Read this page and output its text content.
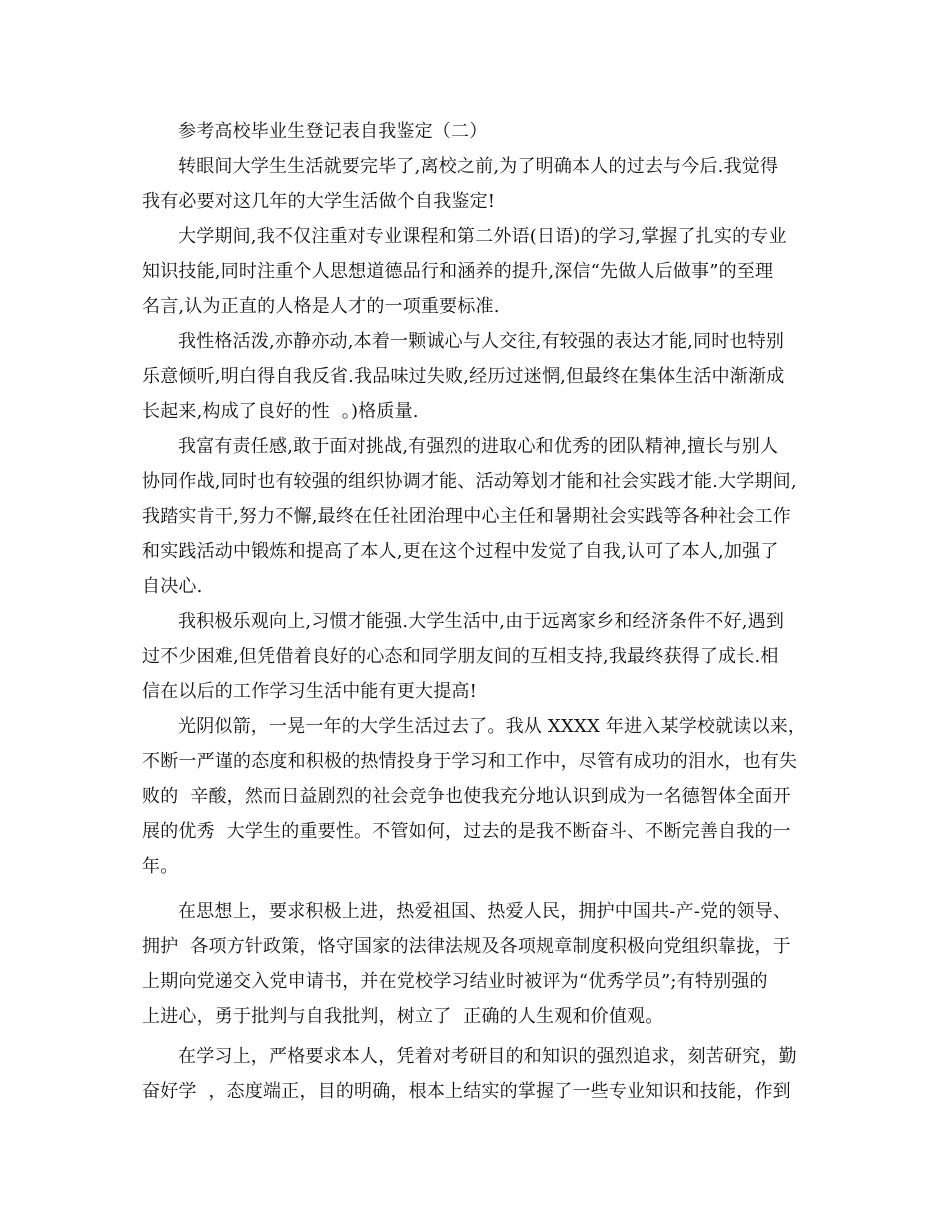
参考高校毕业生登记表自我鉴定（二）
转眼间大学生生活就要完毕了,离校之前,为了明确本人的过去与今后.我觉得
我有必要对这几年的大学生活做个自我鉴定!
大学期间,我不仅注重对专业课程和第二外语(日语)的学习,掌握了扎实的专业
知识技能,同时注重个人思想道德品行和涵养的提升,深信“先做人后做事”的至理
名言,认为正直的人格是人才的一项重要标准.
我性格活泼,亦静亦动,本着一颗诚心与人交往,有较强的表达才能,同时也特别
乐意倾听,明白得自我反省.我品味过失败,经历过迷惘,但最终在集体生活中渐渐成
长起来,构成了良好的性  。)格质量.
我富有责任感,敢于面对挑战,有强烈的进取心和优秀的团队精神,擅长与别人
协同作战,同时也有较强的组织协调才能、活动筹划才能和社会实践才能.大学期间,
我踏实肯干,努力不懈,最终在任社团治理中心主任和暑期社会实践等各种社会工作
和实践活动中锻炼和提高了本人,更在这个过程中发觉了自我,认可了本人,加强了
自决心.
我积极乐观向上,习惯才能强.大学生活中,由于远离家乡和经济条件不好,遇到
过不少困难,但凭借着良好的心态和同学朋友间的互相支持,我最终获得了成长.相
信在以后的工作学习生活中能有更大提高!
光阴似箭，一晃一年的大学生活过去了。我从 XXXX 年进入某学校就读以来，
不断一严谨的态度和积极的热情投身于学习和工作中，尽管有成功的泪水，也有失
败的  辛酸，然而日益剧烈的社会竞争也使我充分地认识到成为一名德智体全面开
展的优秀  大学生的重要性。不管如何，过去的是我不断奋斗、不断完善自我的一
年。
在思想上，要求积极上进，热爱祖国、热爱人民，拥护中国共-产-党的领导、
拥护  各项方针政策，恪守国家的法律法规及各项规章制度积极向党组织靠拢，于
上期向党递交入党申请书，并在党校学习结业时被评为“优秀学员”;有特别强的
上进心，勇于批判与自我批判，树立了  正确的人生观和价值观。
在学习上，严格要求本人，凭着对考研目的和知识的强烈追求，刻苦研究，勤
奋好学  ，态度端正，目的明确，根本上结实的掌握了一些专业知识和技能，作到
